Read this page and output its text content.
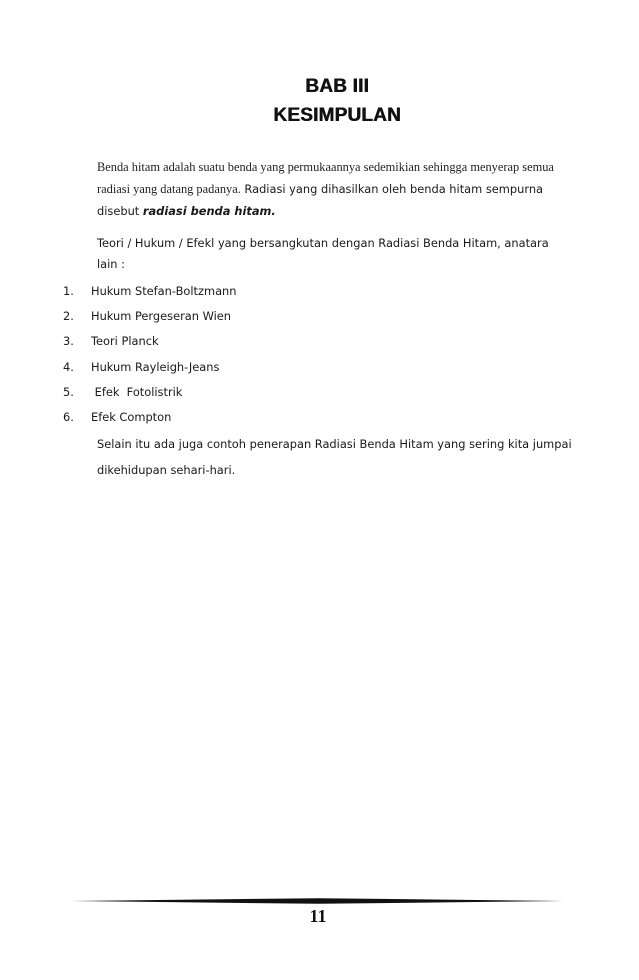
BAB III
KESIMPULAN
Benda hitam adalah suatu benda yang permukaannya sedemikian sehingga menyerap semua radiasi yang datang padanya. Radiasi yang dihasilkan oleh benda hitam sempurna disebut radiasi benda hitam.
Teori / Hukum / Efekl yang bersangkutan dengan Radiasi Benda Hitam, anatara lain :
1. Hukum Stefan-Boltzmann
2. Hukum Pergeseran Wien
3. Teori Planck
4. Hukum Rayleigh-Jeans
5. Efek  Fotolistrik
6. Efek Compton
Selain itu ada juga contoh penerapan Radiasi Benda Hitam yang sering kita jumpai dikehidupan sehari-hari.
11
